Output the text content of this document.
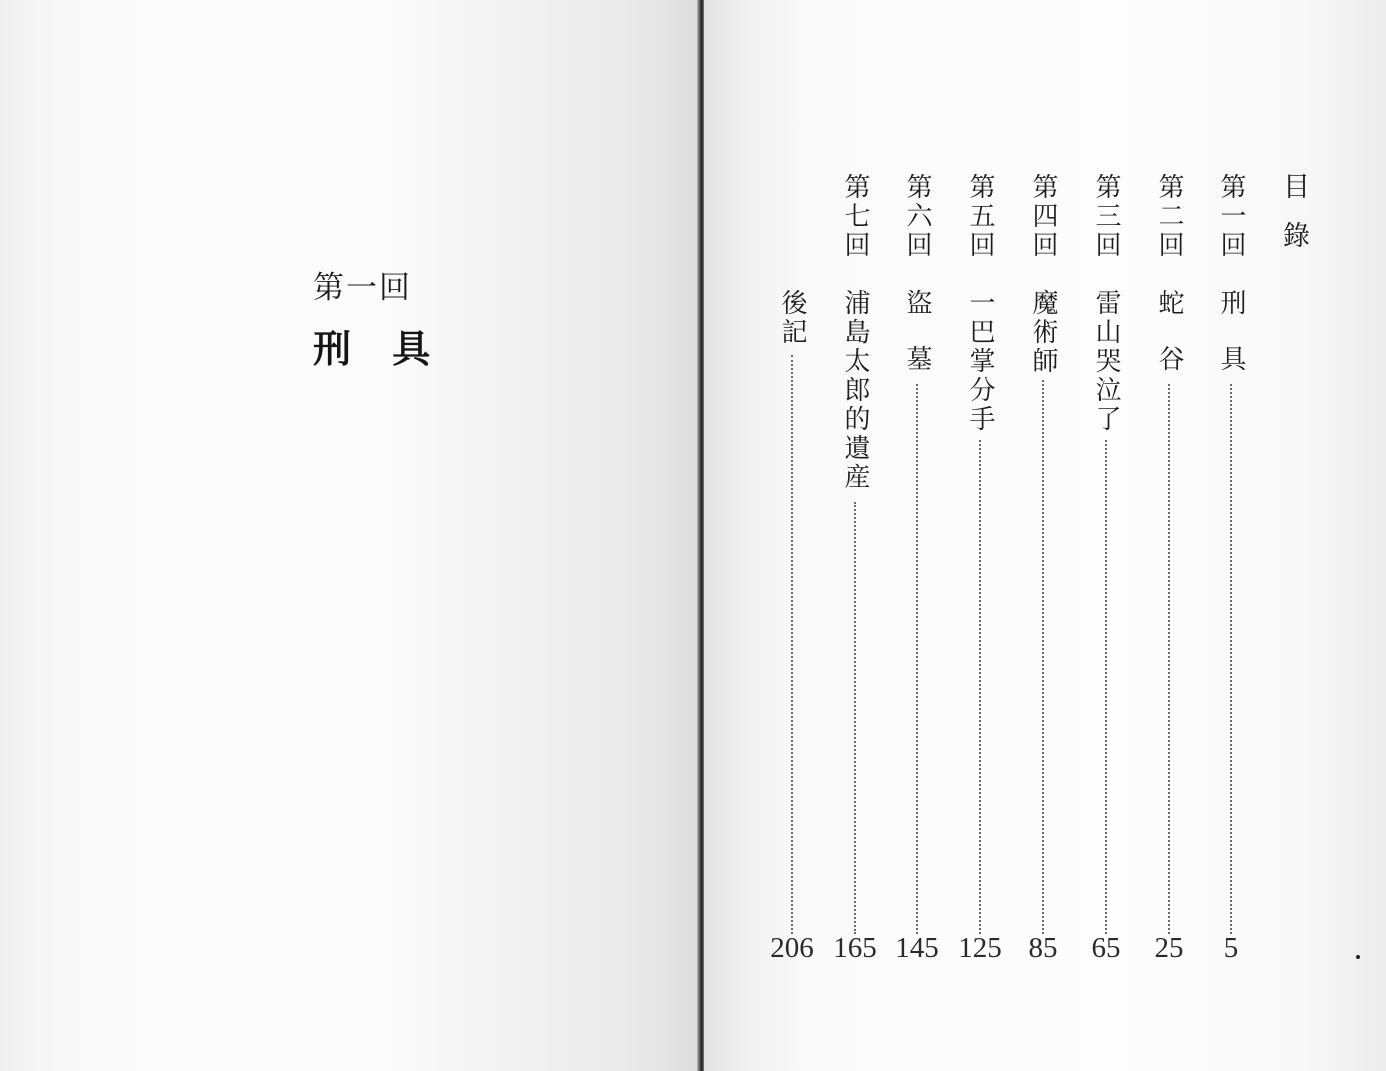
第一回
刑 具
目錄
第一回
刑具
5
第二回
蛇谷
25
第三回
雷山哭泣了
65
第四回
魔術師
85
第五回
一巴掌分手
125
第六回
盜墓
145
第七回
浦島太郎的遺産
165
後記
206
